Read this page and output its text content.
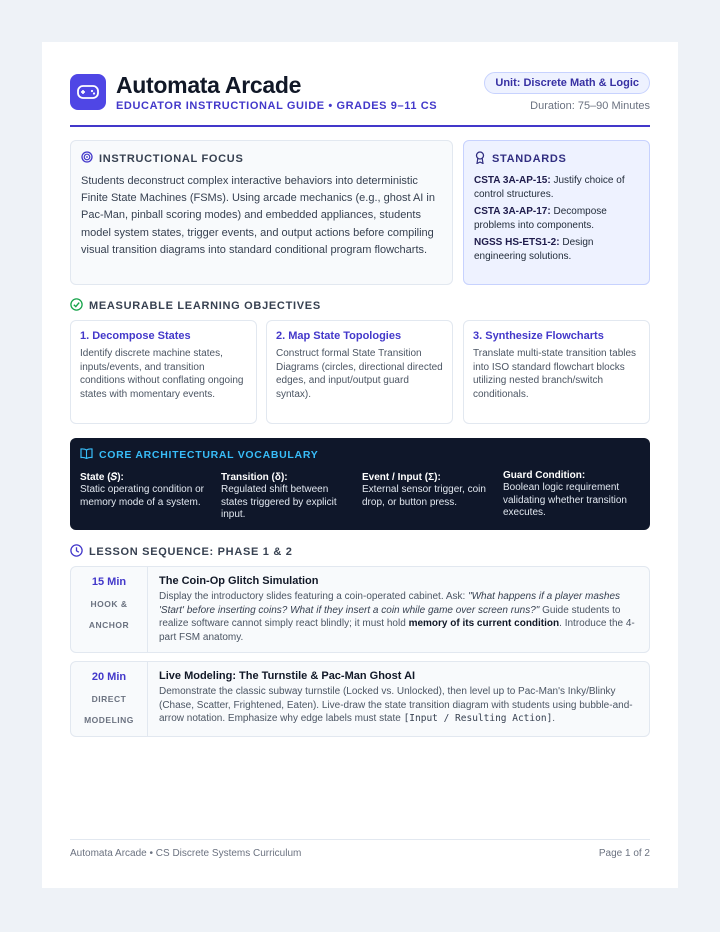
Automata Arcade
EDUCATOR INSTRUCTIONAL GUIDE • GRADES 9–11 CS
Unit: Discrete Math & Logic
Duration: 75–90 Minutes
INSTRUCTIONAL FOCUS

Students deconstruct complex interactive behaviors into deterministic Finite State Machines (FSMs). Using arcade mechanics (e.g., ghost AI in Pac-Man, pinball scoring modes) and embedded appliances, students model system states, trigger events, and output actions before compiling visual transition diagrams into standard conditional program flowcharts.

STANDARDS
CSTA 3A-AP-15: Justify choice of control structures.
CSTA 3A-AP-17: Decompose problems into components.
NGSS HS-ETS1-2: Design engineering solutions.
MEASURABLE LEARNING OBJECTIVES
1. Decompose States
Identify discrete machine states, inputs/events, and transition conditions without conflating ongoing states with momentary events.
2. Map State Topologies
Construct formal State Transition Diagrams (circles, directional directed edges, and input/output guard syntax).
3. Synthesize Flowcharts
Translate multi-state transition tables into ISO standard flowchart blocks utilizing nested branch/switch conditionals.
CORE ARCHITECTURAL VOCABULARY
State (𝑆):
Static operating condition or memory mode of a system.
Transition (δ):
Regulated shift between states triggered by explicit input.
Event / Input (Σ):
External sensor trigger, coin drop, or button press.
Guard Condition:
Boolean logic requirement validating whether transition executes.
LESSON SEQUENCE: PHASE 1 & 2
15 Min
HOOK &
ANCHOR
The Coin-Op Glitch Simulation
Display the introductory slides featuring a coin-operated cabinet. Ask: "What happens if a player mashes 'Start' before inserting coins? What if they insert a coin while game over screen runs?" Guide students to realize software cannot simply react blindly; it must hold memory of its current condition. Introduce the 4-part FSM anatomy.
20 Min
DIRECT
MODELING
Live Modeling: The Turnstile & Pac-Man Ghost AI
Demonstrate the classic subway turnstile (Locked vs. Unlocked), then level up to Pac-Man's Inky/Blinky (Chase, Scatter, Frightened, Eaten). Live-draw the state transition diagram with students using bubble-and-arrow notation. Emphasize why edge labels must state [Input / Resulting Action].
Automata Arcade • CS Discrete Systems Curriculum	Page 1 of 2
